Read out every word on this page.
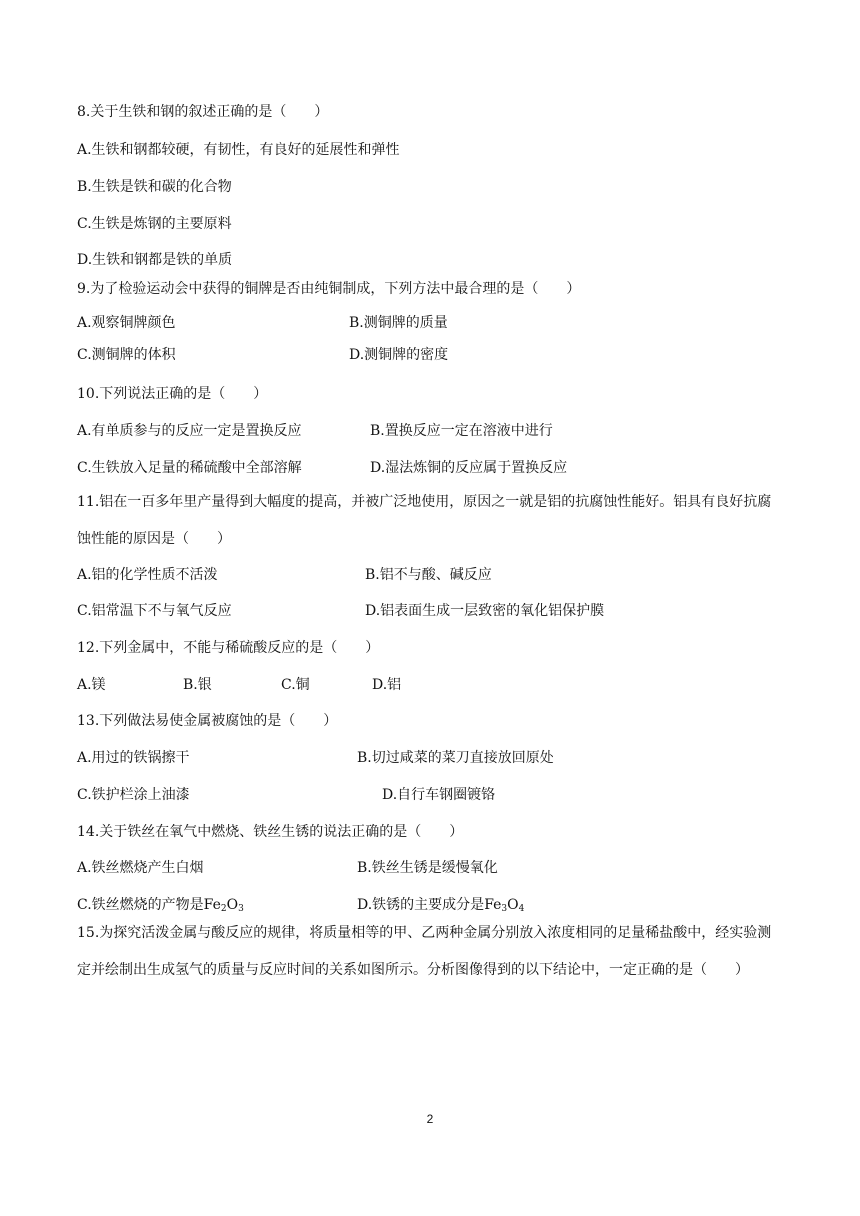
8.关于生铁和钢的叙述正确的是（　　）
A.生铁和钢都较硬，有韧性，有良好的延展性和弹性
B.生铁是铁和碳的化合物
C.生铁是炼钢的主要原料
D.生铁和钢都是铁的单质
9.为了检验运动会中获得的铜牌是否由纯铜制成，下列方法中最合理的是（　　）
A.观察铜牌颜色	B.测铜牌的质量
C.测铜牌的体积	D.测铜牌的密度
10.下列说法正确的是（　　）
A.有单质参与的反应一定是置换反应	B.置换反应一定在溶液中进行
C.生铁放入足量的稀硫酸中全部溶解	D.湿法炼铜的反应属于置换反应
11.铝在一百多年里产量得到大幅度的提高，并被广泛地使用，原因之一就是铝的抗腐蚀性能好。铝具有良好抗腐蚀性能的原因是（　　）
A.铝的化学性质不活泼	B.铝不与酸、碱反应
C.铝常温下不与氧气反应	D.铝表面生成一层致密的氧化铝保护膜
12.下列金属中，不能与稀硫酸反应的是（　　）
A.镁	B.银	C.铜	D.铝
13.下列做法易使金属被腐蚀的是（　　）
A.用过的铁锅擦干	B.切过咸菜的菜刀直接放回原处
C.铁护栏涂上油漆	D.自行车钢圈镀铬
14.关于铁丝在氧气中燃烧、铁丝生锈的说法正确的是（　　）
A.铁丝燃烧产生白烟	B.铁丝生锈是缓慢氧化
C.铁丝燃烧的产物是$Fe_2O_3$	D.铁锈的主要成分是$Fe_3O_4$
15.为探究活泼金属与酸反应的规律，将质量相等的甲、乙两种金属分别放入浓度相同的足量稀盐酸中，经实验测定并绘制出生成氢气的质量与反应时间的关系如图所示。分析图像得到的以下结论中，一定正确的是（　　）
2
